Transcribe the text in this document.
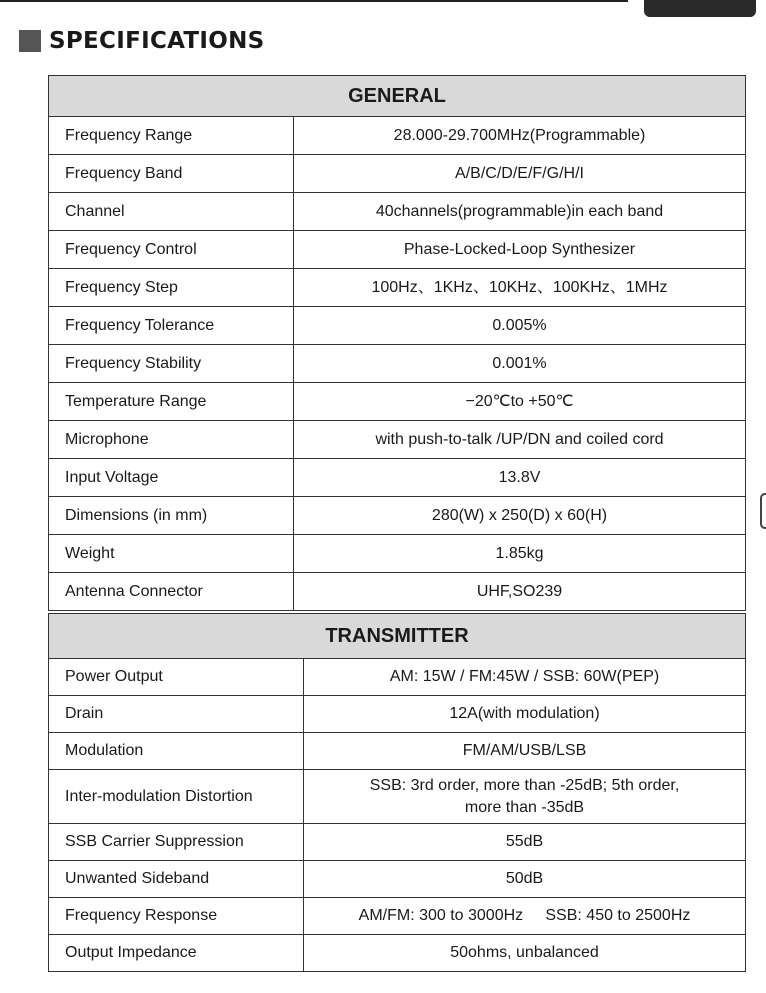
SPECIFICATIONS
GENERAL	
Frequency Range	28.000-29.700MHz(Programmable)
Frequency Band	A/B/C/D/E/F/G/H/I
Channel	40channels(programmable)in each band
Frequency Control	Phase-Locked-Loop Synthesizer
Frequency Step	100Hz、1KHz、10KHz、100KHz、1MHz
Frequency Tolerance	0.005%
Frequency Stability	0.001%
Temperature Range	−20℃to +50℃
Microphone	with push-to-talk /UP/DN and coiled cord
Input Voltage	13.8V
Dimensions (in mm)	280(W) x 250(D) x 60(H)
Weight	1.85kg
Antenna Connector	UHF,SO239
TRANSMITTER	
Power Output	AM: 15W / FM:45W / SSB: 60W(PEP)
Drain	12A(with modulation)
Modulation	FM/AM/USB/LSB
Inter-modulation Distortion	SSB: 3rd order, more than -25dB; 5th order,
more than -35dB

SSB Carrier Suppression	55dB
Unwanted Sideband	50dB
Frequency Response	AM/FM: 300 to 3000Hz     SSB: 450 to 2500Hz
Output Impedance	50ohms, unbalanced
